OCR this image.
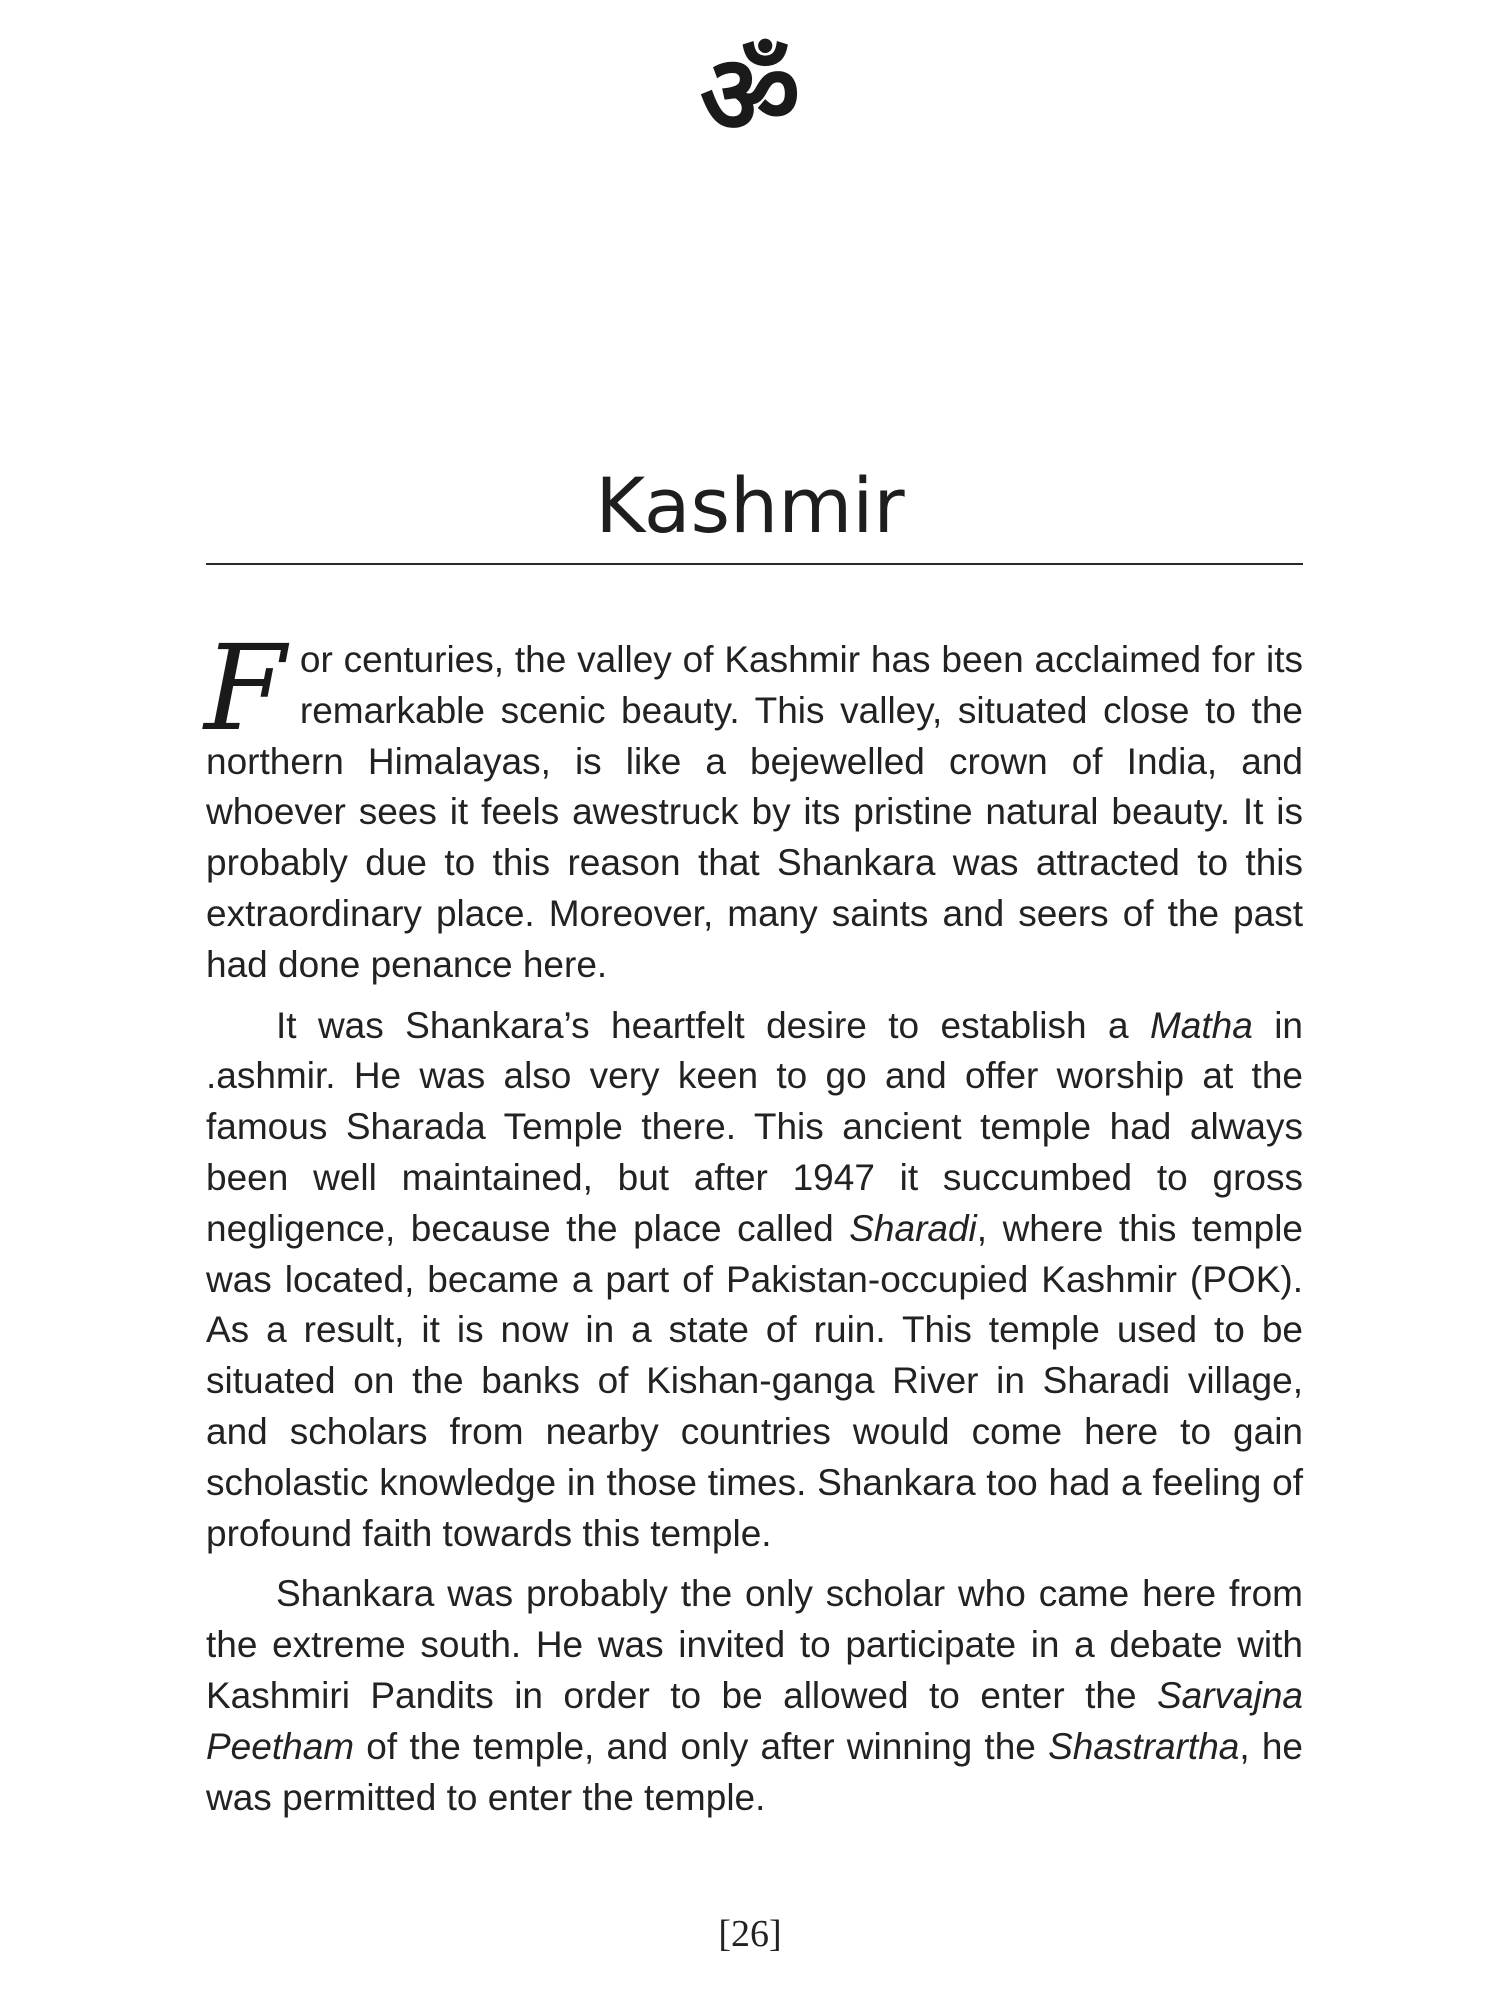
ॐ
Kashmir

For centuries, the valley of Kashmir has been acclaimed for its remarkable scenic beauty. This valley, situated close to the northern Himalayas, is like a bejewelled crown of India, and whoever sees it feels awestruck by its pristine natural beauty. It is probably due to this reason that Shankara was attracted to this extraordinary place. Moreover, many saints and seers of the past had done penance here.

It was Shankara’s heartfelt desire to establish a Matha in .ashmir. He was also very keen to go and offer worship at the famous Sharada Temple there. This ancient temple had always been well maintained, but after 1947 it succumbed to gross negligence, because the place called Sharadi, where this temple was located, became a part of Pakistan-occupied Kashmir (POK). As a result, it is now in a state of ruin. This temple used to be situated on the banks of Kishan-ganga River in Sharadi village, and scholars from nearby countries would come here to gain scholastic knowledge in those times. Shankara too had a feeling of profound faith towards this temple.

Shankara was probably the only scholar who came here from the extreme south. He was invited to participate in a debate with Kashmiri Pandits in order to be allowed to enter the Sarvajna Peetham of the temple, and only after winning the Shastrartha, he was permitted to enter the temple.

[26]
